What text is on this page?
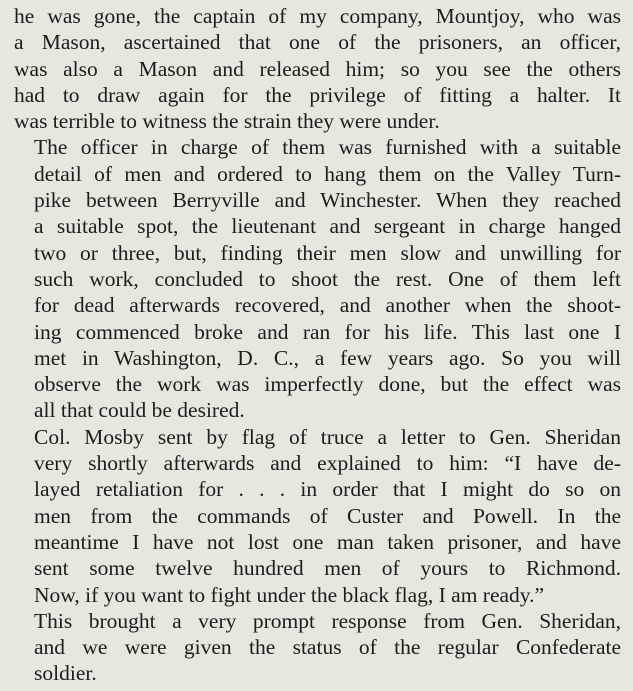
he was gone, the captain of my company, Mountjoy, who was
a Mason, ascertained that one of the prisoners, an officer,
was also a Mason and released him; so you see the others
had to draw again for the privilege of fitting a halter. It
was terrible to witness the strain they were under.

The officer in charge of them was furnished with a suitable
detail of men and ordered to hang them on the Valley Turn-
pike between Berryville and Winchester. When they reached
a suitable spot, the lieutenant and sergeant in charge hanged
two or three, but, finding their men slow and unwilling for
such work, concluded to shoot the rest. One of them left
for dead afterwards recovered, and another when the shoot-
ing commenced broke and ran for his life. This last one I
met in Washington, D. C., a few years ago. So you will
observe the work was imperfectly done, but the effect was
all that could be desired.

Col. Mosby sent by flag of truce a letter to Gen. Sheridan
very shortly afterwards and explained to him: “I have de-
layed retaliation for . . . in order that I might do so on
men from the commands of Custer and Powell. In the
meantime I have not lost one man taken prisoner, and have
sent some twelve hundred men of yours to Richmond.
Now, if you want to fight under the black flag, I am ready.”

This brought a very prompt response from Gen. Sheridan,
and we were given the status of the regular Confederate
soldier.
